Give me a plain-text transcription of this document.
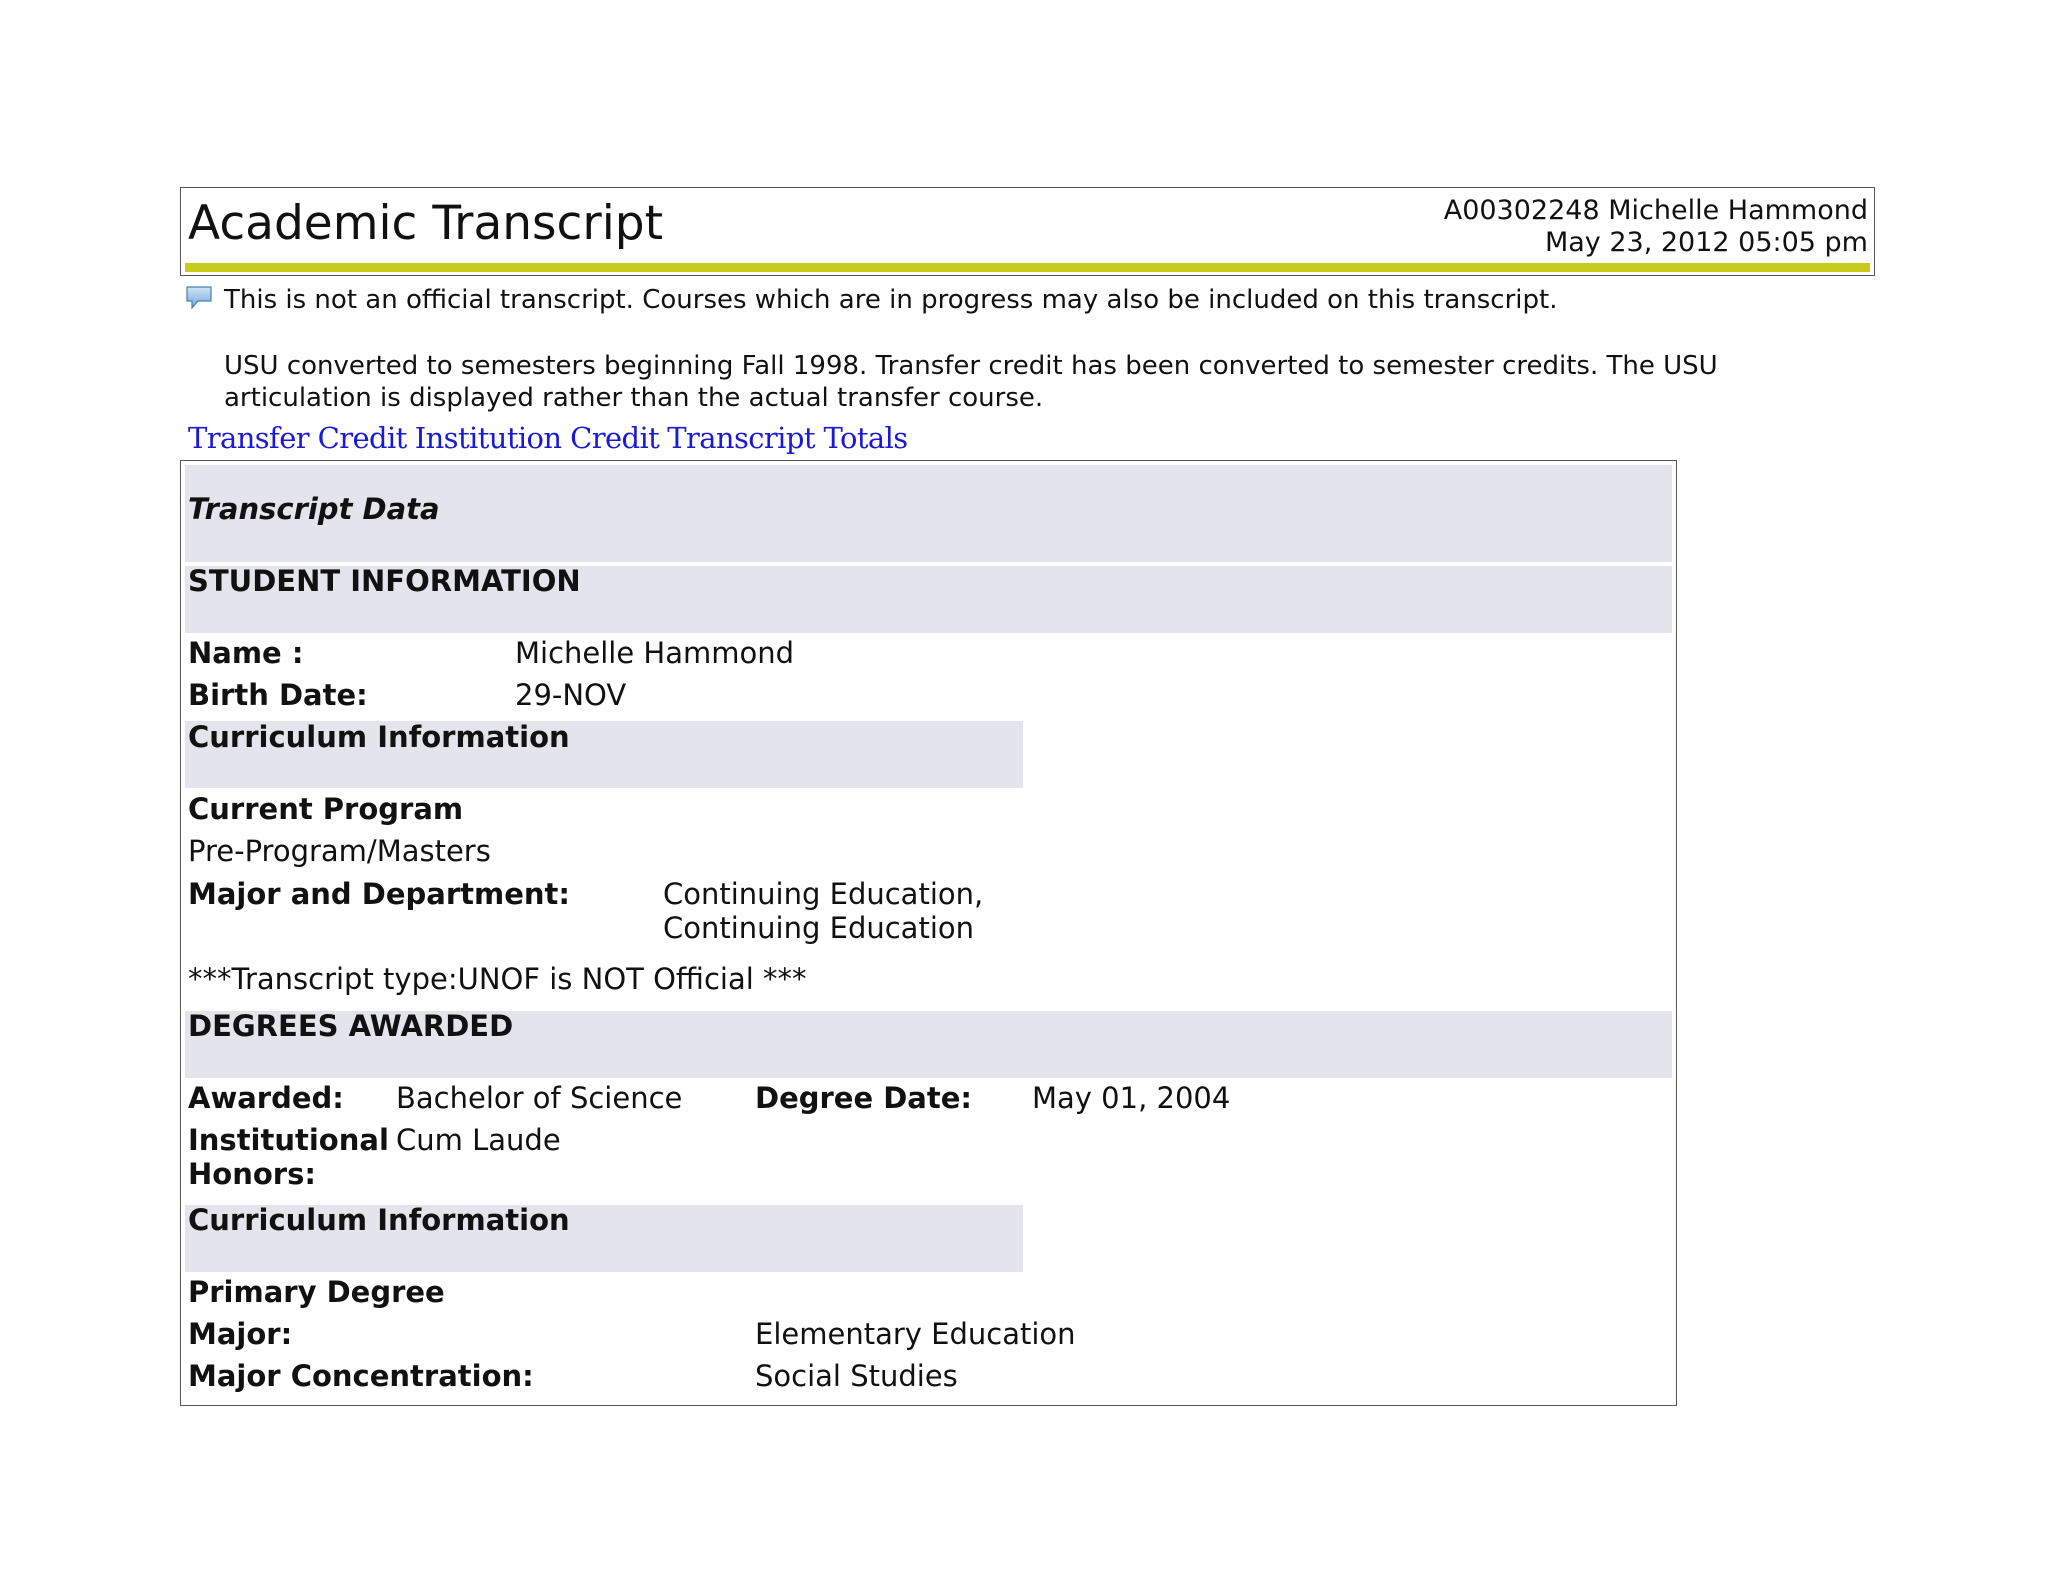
Academic Transcript	A00302248 Michelle Hammond
May 23, 2012 05:05 pm
This is not an official transcript. Courses which are in progress may also be included on this transcript.
USU converted to semesters beginning Fall 1998. Transfer credit has been converted to semester credits. The USU
articulation is displayed rather than the actual transfer course.
Transfer Credit Institution Credit Transcript Totals
Transcript Data
STUDENT INFORMATION
Name :	Michelle Hammond
Birth Date:	29-NOV
Curriculum Information
Current Program
Pre-Program/Masters
Major and Department:	Continuing Education,
Continuing Education
***Transcript type:UNOF is NOT Official ***
DEGREES AWARDED
Awarded: Bachelor of Science	Degree Date: May 01, 2004
Institutional
Honors:
Cum Laude
Curriculum Information
Primary Degree
Major:	Elementary Education
Major Concentration:	Social Studies
